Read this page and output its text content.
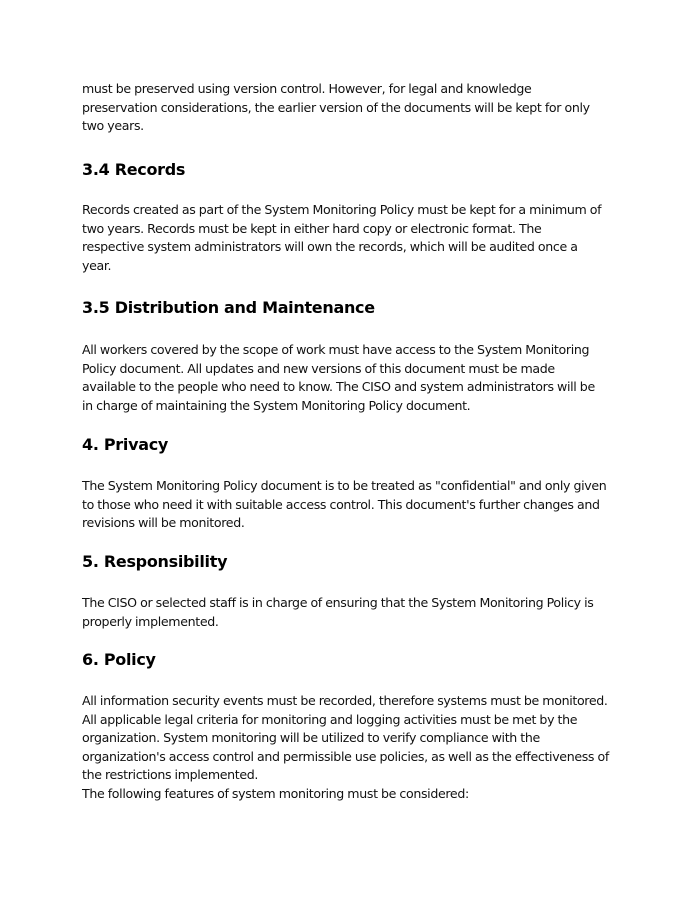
must be preserved using version control. However, for legal and knowledge
preservation considerations, the earlier version of the documents will be kept for only
two years.
3.4 Records
Records created as part of the System Monitoring Policy must be kept for a minimum of
two years. Records must be kept in either hard copy or electronic format. The
respective system administrators will own the records, which will be audited once a
year.
3.5 Distribution and Maintenance
All workers covered by the scope of work must have access to the System Monitoring
Policy document. All updates and new versions of this document must be made
available to the people who need to know. The CISO and system administrators will be
in charge of maintaining the System Monitoring Policy document.
4. Privacy
The System Monitoring Policy document is to be treated as "confidential" and only given
to those who need it with suitable access control. This document's further changes and
revisions will be monitored.
5. Responsibility
The CISO or selected staff is in charge of ensuring that the System Monitoring Policy is
properly implemented.
6. Policy
All information security events must be recorded, therefore systems must be monitored.
All applicable legal criteria for monitoring and logging activities must be met by the
organization. System monitoring will be utilized to verify compliance with the
organization's access control and permissible use policies, as well as the effectiveness of
the restrictions implemented.
The following features of system monitoring must be considered:
